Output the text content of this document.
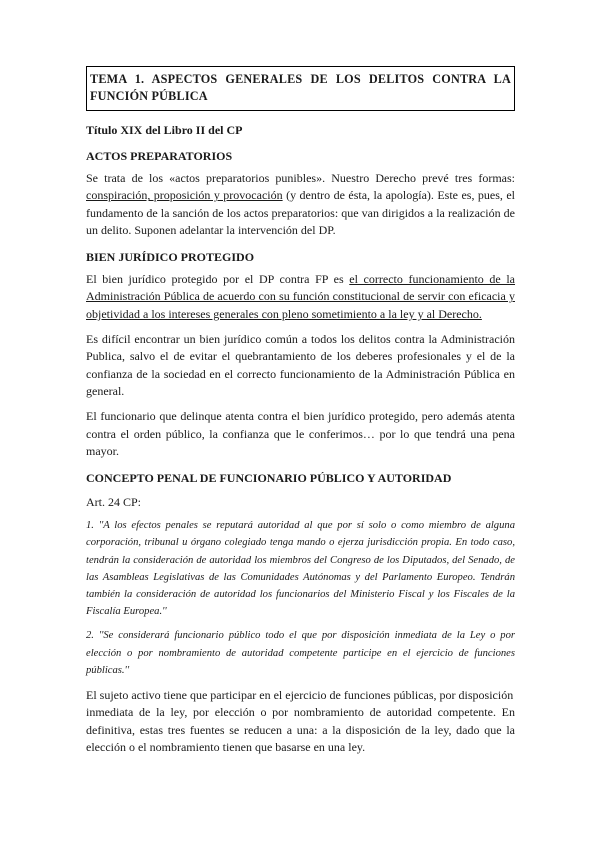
TEMA 1. ASPECTOS GENERALES DE LOS DELITOS CONTRA LA FUNCIÓN PÚBLICA
Título XIX del Libro II del CP
ACTOS PREPARATORIOS

Se trata de los «actos preparatorios punibles». Nuestro Derecho prevé tres formas: conspiración, proposición y provocación (y dentro de ésta, la apología). Este es, pues, el fundamento de la sanción de los actos preparatorios: que van dirigidos a la realización de un delito. Suponen adelantar la intervención del DP.

BIEN JURÍDICO PROTEGIDO

El bien jurídico protegido por el DP contra FP es el correcto funcionamiento de la Administración Pública de acuerdo con su función constitucional de servir con eficacia y objetividad a los intereses generales con pleno sometimiento a la ley y al Derecho.

Es difícil encontrar un bien jurídico común a todos los delitos contra la Administración Publica, salvo el de evitar el quebrantamiento de los deberes profesionales y el de la confianza de la sociedad en el correcto funcionamiento de la Administración Pública en general.

El funcionario que delinque atenta contra el bien jurídico protegido, pero además atenta contra el orden público, la confianza que le conferimos… por lo que tendrá una pena mayor.

CONCEPTO PENAL DE FUNCIONARIO PÚBLICO Y AUTORIDAD
Art. 24 CP:
1. ''A los efectos penales se reputará autoridad al que por sí solo o como miembro de alguna corporación, tribunal u órgano colegiado tenga mando o ejerza jurisdicción propia. En todo caso, tendrán la consideración de autoridad los miembros del Congreso de los Diputados, del Senado, de las Asambleas Legislativas de las Comunidades Autónomas y del Parlamento Europeo. Tendrán también la consideración de autoridad los funcionarios del Ministerio Fiscal y los Fiscales de la Fiscalía Europea.''
2. ''Se considerará funcionario público todo el que por disposición inmediata de la Ley o por elección o por nombramiento de autoridad competente participe en el ejercicio de funciones públicas.''

El sujeto activo tiene que participar en el ejercicio de funciones públicas, por disposición

inmediata de la ley, por elección o por nombramiento de autoridad competente. En definitiva, estas tres fuentes se reducen a una: a la disposición de la ley, dado que la elección o el nombramiento tienen que basarse en una ley.
